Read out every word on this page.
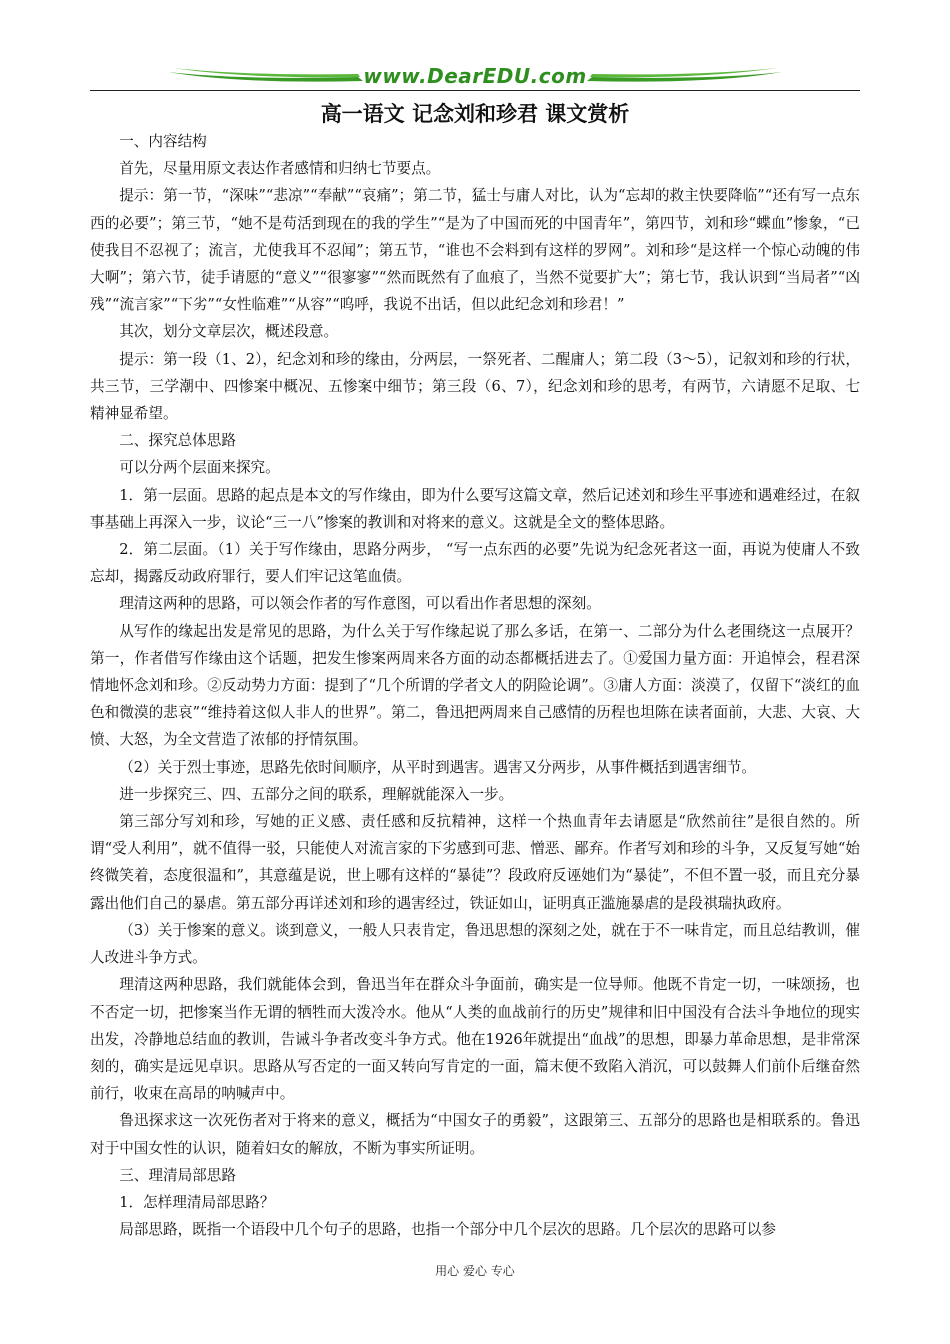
www.DearEDU.com
高一语文 记念刘和珍君 课文赏析

一、内容结构

首先，尽量用原文表达作者感情和归纳七节要点。

提示：第一节，“深味”“悲凉”“奉献”“哀痛”；第二节，猛士与庸人对比，认为“忘却的救主快要降临”“还有写一点东西的必要”；第三节，“她不是苟活到现在的我的学生”“是为了中国而死的中国青年”，第四节，刘和珍“蝶血”惨象，“已使我目不忍视了；流言，尤使我耳不忍闻”；第五节，“谁也不会料到有这样的罗网”。刘和珍“是这样一个惊心动魄的伟大啊”；第六节，徒手请愿的“意义”“很寥寥”“然而既然有了血痕了，当然不觉要扩大”；第七节，我认识到“当局者”“凶残”“流言家”“下劣”“女性临难”“从容”“呜呼，我说不出话，但以此纪念刘和珍君！”

其次，划分文章层次，概述段意。

提示：第一段（1、2），纪念刘和珍的缘由，分两层，一祭死者、二醒庸人；第二段（3～5），记叙刘和珍的行状，共三节，三学潮中、四惨案中概况、五惨案中细节；第三段（6、7），纪念刘和珍的思考，有两节，六请愿不足取、七精神显希望。

二、探究总体思路

可以分两个层面来探究。

1．第一层面。思路的起点是本文的写作缘由，即为什么要写这篇文章，然后记述刘和珍生平事迹和遇难经过，在叙事基础上再深入一步，议论“三一八”惨案的教训和对将来的意义。这就是全文的整体思路。

2．第二层面。（1）关于写作缘由，思路分两步， “写一点东西的必要”先说为纪念死者这一面，再说为使庸人不致忘却，揭露反动政府罪行，要人们牢记这笔血债。

理清这两种的思路，可以领会作者的写作意图，可以看出作者思想的深刻。

从写作的缘起出发是常见的思路，为什么关于写作缘起说了那么多话，在第一、二部分为什么老围绕这一点展开？第一，作者借写作缘由这个话题，把发生惨案两周来各方面的动态都概括进去了。①爱国力量方面：开追悼会，程君深情地怀念刘和珍。②反动势力方面：提到了“几个所谓的学者文人的阴险论调”。③庸人方面：淡漠了，仅留下“淡红的血色和微漠的悲哀”“维持着这似人非人的世界”。第二，鲁迅把两周来自己感情的历程也坦陈在读者面前，大悲、大哀、大愤、大怒，为全文营造了浓郁的抒情氛围。

（2）关于烈士事迹，思路先依时间顺序，从平时到遇害。遇害又分两步，从事件概括到遇害细节。

进一步探究三、四、五部分之间的联系，理解就能深入一步。

第三部分写刘和珍，写她的正义感、责任感和反抗精神，这样一个热血青年去请愿是“欣然前往”是很自然的。所谓“受人利用”，就不值得一驳，只能使人对流言家的下劣感到可悲、憎恶、鄙弃。作者写刘和珍的斗争，又反复写她“始终微笑着，态度很温和”，其意蕴是说，世上哪有这样的“暴徒”？段政府反诬她们为“暴徒”，不但不置一驳，而且充分暴露出他们自己的暴虐。第五部分再详述刘和珍的遇害经过，铁证如山，证明真正滥施暴虐的是段祺瑞执政府。

（3）关于惨案的意义。谈到意义，一般人只表肯定，鲁迅思想的深刻之处，就在于不一味肯定，而且总结教训，催人改进斗争方式。

理清这两种思路，我们就能体会到，鲁迅当年在群众斗争面前，确实是一位导师。他既不肯定一切，一味颂扬，也不否定一切，把惨案当作无谓的牺牲而大泼冷水。他从“人类的血战前行的历史”规律和旧中国没有合法斗争地位的现实出发，冷静地总结血的教训，告诫斗争者改变斗争方式。他在1926年就提出“血战”的思想，即暴力革命思想，是非常深刻的，确实是远见卓识。思路从写否定的一面又转向写肯定的一面，篇末便不致陷入消沉，可以鼓舞人们前仆后继奋然前行，收束在高昂的呐喊声中。

鲁迅探求这一次死伤者对于将来的意义，概括为“中国女子的勇毅”，这跟第三、五部分的思路也是相联系的。鲁迅对于中国女性的认识，随着妇女的解放，不断为事实所证明。

三、理清局部思路

1．怎样理清局部思路？

局部思路，既指一个语段中几个句子的思路，也指一个部分中几个层次的思路。几个层次的思路可以参

用心 爱心 专心
